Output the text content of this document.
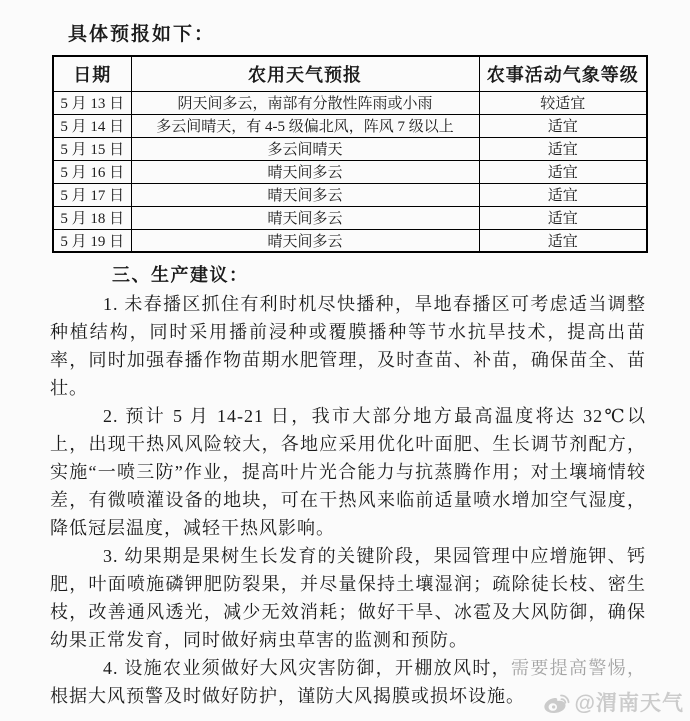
具体预报如下：
日期	农用天气预报	农事活动气象等级
5 月 13 日	阴天间多云，南部有分散性阵雨或小雨	较适宜
5 月 14 日	多云间晴天，有 4-5 级偏北风，阵风 7 级以上	适宜
5 月 15 日	多云间晴天	适宜
5 月 16 日	晴天间多云	适宜
5 月 17 日	晴天间多云	适宜
5 月 18 日	晴天间多云	适宜
5 月 19 日	晴天间多云	适宜
三、生产建议：

1. 未春播区抓住有利时机尽快播种，旱地春播区可考虑适当调整种植结构，同时采用播前浸种或覆膜播种等节水抗旱技术，提高出苗率，同时加强春播作物苗期水肥管理，及时查苗、补苗，确保苗全、苗壮。

2. 预计 5 月 14-21 日，我市大部分地方最高温度将达 32℃以上，出现干热风风险较大，各地应采用优化叶面肥、生长调节剂配方，实施“一喷三防”作业，提高叶片光合能力与抗蒸腾作用；对土壤墒情较差，有微喷灌设备的地块，可在干热风来临前适量喷水增加空气湿度，降低冠层温度，减轻干热风影响。

3. 幼果期是果树生长发育的关键阶段，果园管理中应增施钾、钙肥，叶面喷施磷钾肥防裂果，并尽量保持土壤湿润；疏除徒长枝、密生枝，改善通风透光，减少无效消耗；做好干旱、冰雹及大风防御，确保幼果正常发育，同时做好病虫草害的监测和预防。

4. 设施农业须做好大风灾害防御，开棚放风时，需要提高警惕，根据大风预警及时做好防护，谨防大风揭膜或损坏设施。	@渭南天气
